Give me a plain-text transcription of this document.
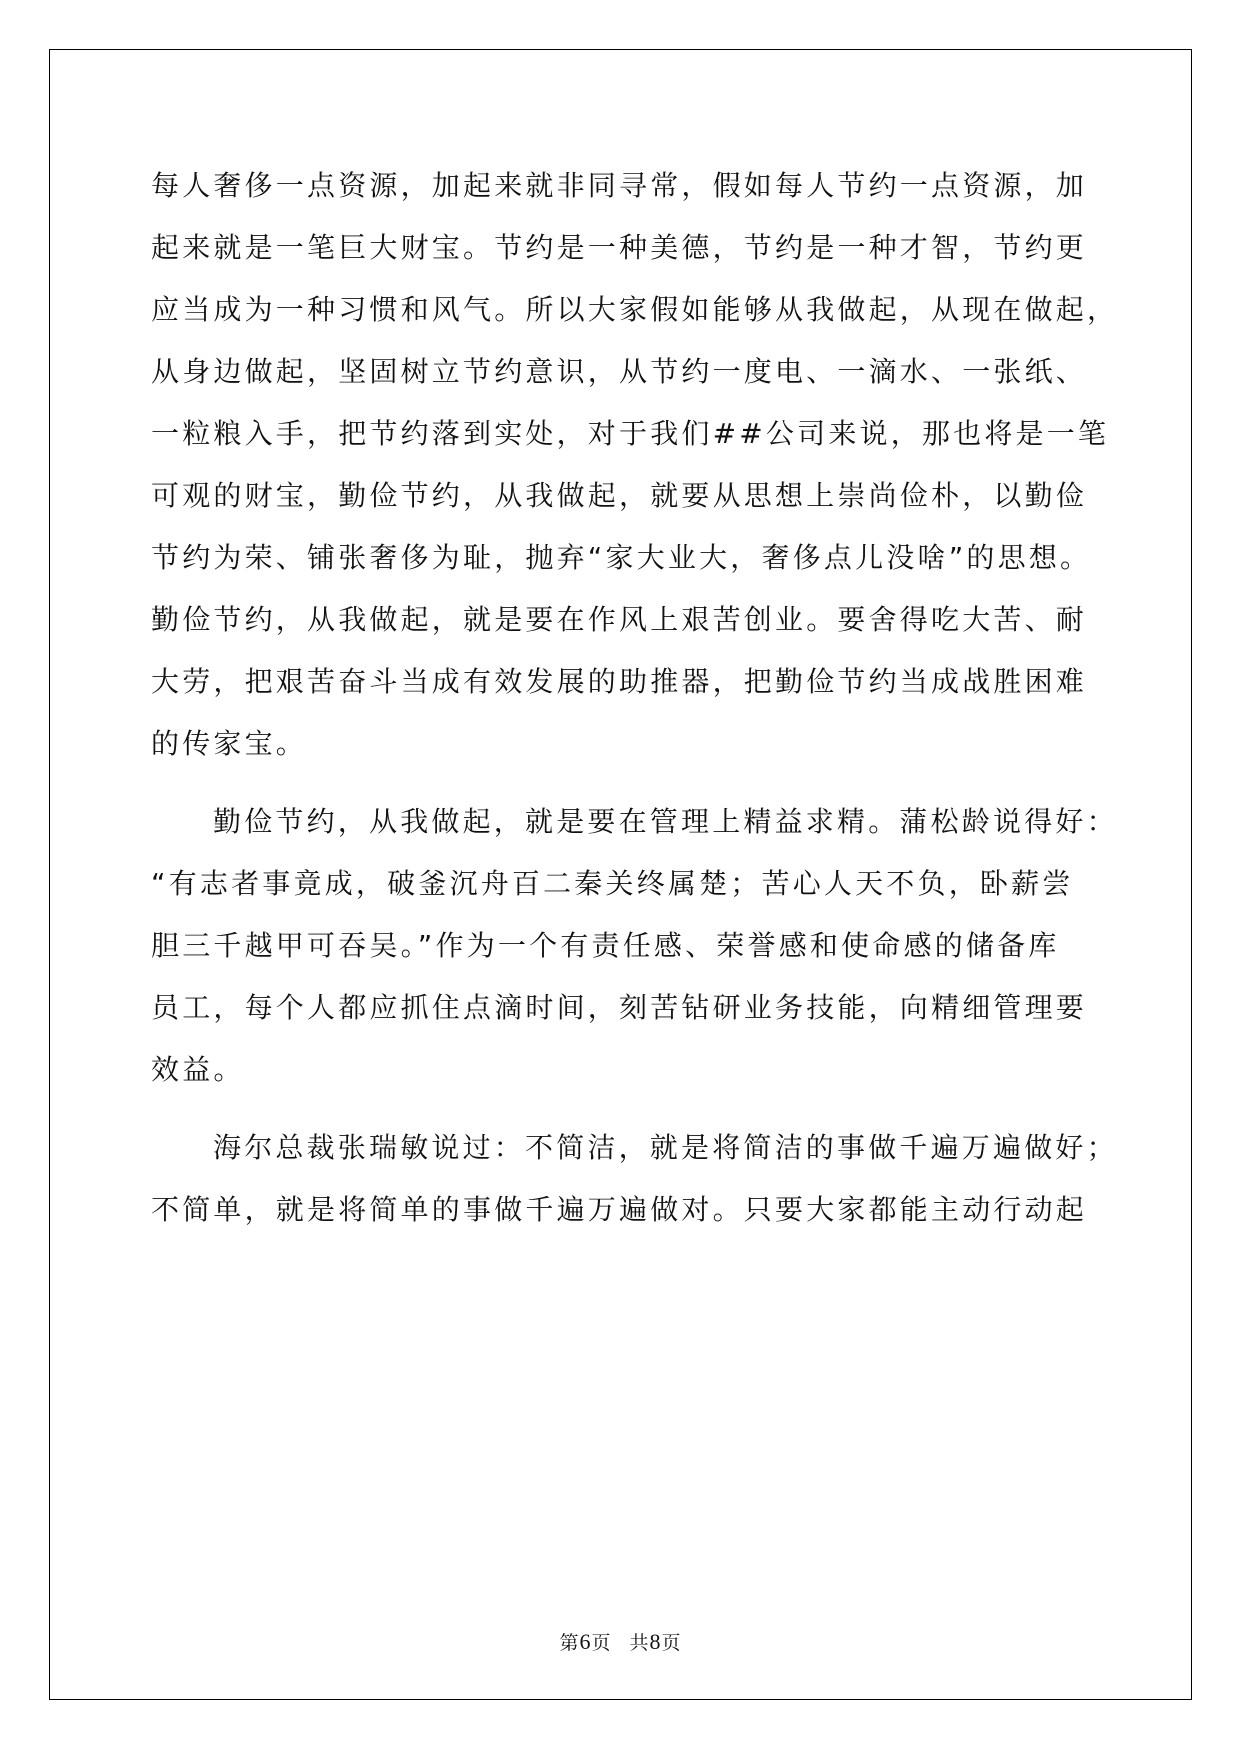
每人奢侈一点资源，加起来就非同寻常，假如每人节约一点资源，加
起来就是一笔巨大财宝。节约是一种美德，节约是一种才智，节约更
应当成为一种习惯和风气。所以大家假如能够从我做起，从现在做起，
从身边做起，坚固树立节约意识，从节约一度电、一滴水、一张纸、
一粒粮入手，把节约落到实处，对于我们##公司来说，那也将是一笔
可观的财宝，勤俭节约，从我做起，就要从思想上崇尚俭朴，以勤俭
节约为荣、铺张奢侈为耻，抛弃“家大业大，奢侈点儿没啥”的思想。
勤俭节约，从我做起，就是要在作风上艰苦创业。要舍得吃大苦、耐
大劳，把艰苦奋斗当成有效发展的助推器，把勤俭节约当成战胜困难
的传家宝。
勤俭节约，从我做起，就是要在管理上精益求精。蒲松龄说得好：
“有志者事竟成，破釜沉舟百二秦关终属楚；苦心人天不负，卧薪尝
胆三千越甲可吞吴。”作为一个有责任感、荣誉感和使命感的储备库
员工，每个人都应抓住点滴时间，刻苦钻研业务技能，向精细管理要
效益。
海尔总裁张瑞敏说过：不简洁，就是将简洁的事做千遍万遍做好；
不简单，就是将简单的事做千遍万遍做对。只要大家都能主动行动起
第6页 共8页
